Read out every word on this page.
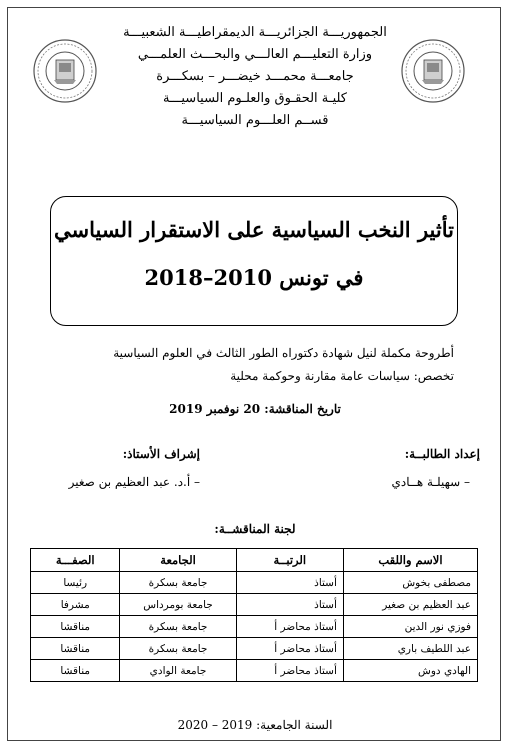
الجمهوريـــة الجزائريـــة الديمقراطيـــة الشعبيـــة
وزارة التعليـــم العالـــي والبحـــث العلمـــي
جامعـــة محمـــد خيضـــر – بسكـــرة
كليـة الحقـوق والعلـوم السياسيـــة
قســم العلـــوم السياسيـــة
تأثير النخب السياسية على الاستقرار السياسي
في تونس 2010–2018
أطروحة مكملة لنيل شهادة دكتوراه الطور الثالث في العلوم السياسية
تخصص: سياسات عامة مقارنة وحوكمة محلية
تاريخ المناقشة: 20 نوفمبر 2019
إعداد الطالبــة:
– سهيلـة هــادي
إشراف الأستاذ:
– أ.د. عبد العظيم بن صغير
لجنة المناقشــة:
الاسم واللقب	الرتبــة	الجامعة	الصفـــة
مصطفى بخوش	أستاذ	جامعة بسكرة	رئيسا
عبد العظيم بن صغير	أستاذ	جامعة بومرداس	مشرفا
فوزي نور الدين	أستاذ محاضر أ	جامعة بسكرة	مناقشا
عبد اللطيف باري	أستاذ محاضر أ	جامعة بسكرة	مناقشا
الهادي دوش	أستاذ محاضر أ	جامعة الوادي	مناقشا
السنة الجامعية: 2019 – 2020
